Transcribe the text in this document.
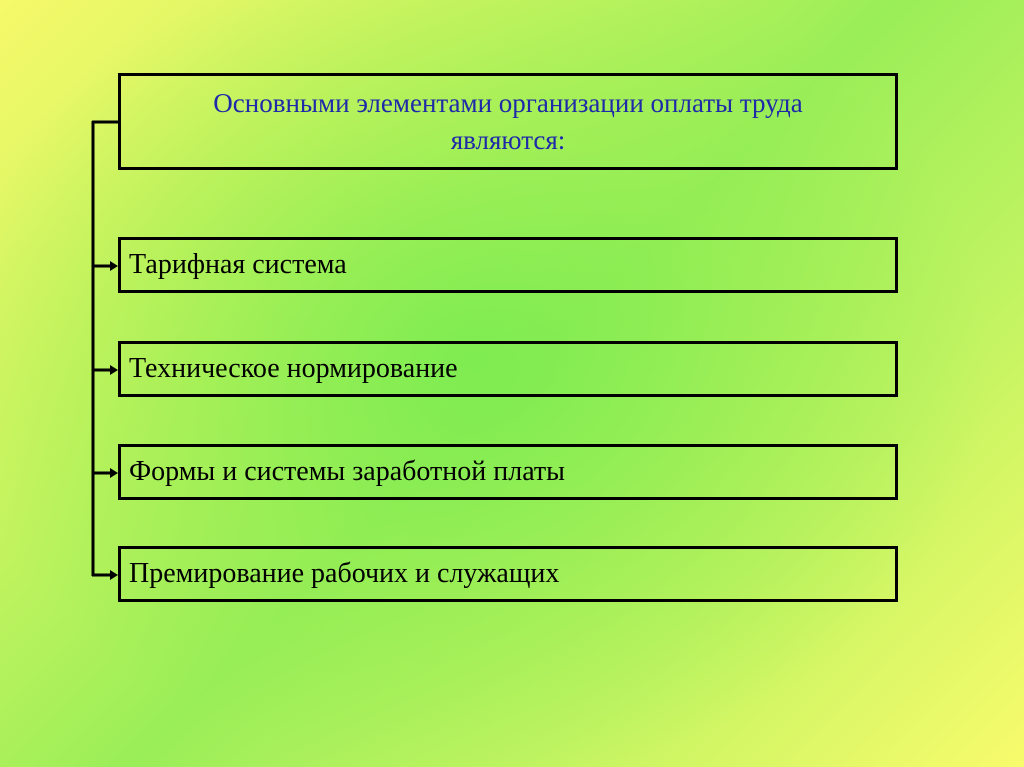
Основными элементами организации оплаты труда
являются:
Тарифная система
Техническое нормирование
Формы и системы заработной платы
Премирование рабочих и служащих
